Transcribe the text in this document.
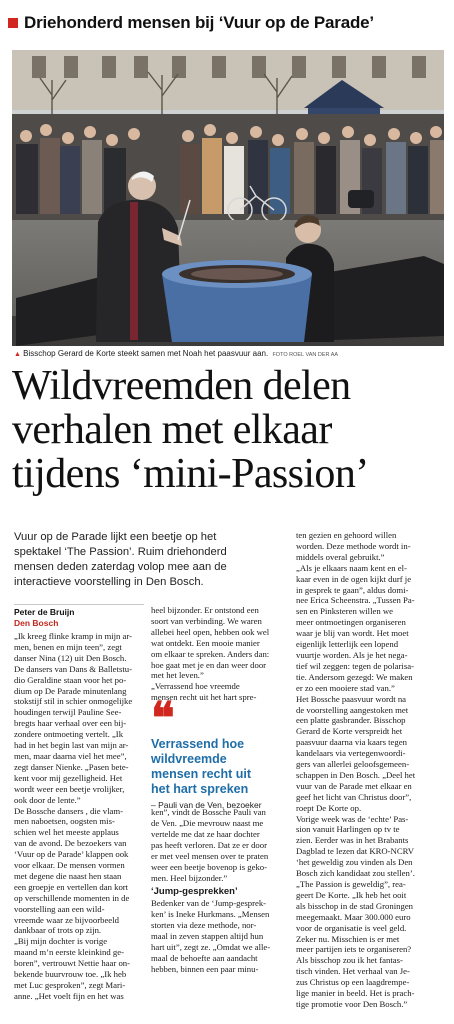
Driehonderd mensen bij ‘Vuur op de Parade’
▲ Bisschop Gerard de Korte steekt samen met Noah het paasvuur aan. FOTO ROEL VAN DER AA
Wildvreemden delen
verhalen met elkaar
tijdens ‘mini-Passion’
Vuur op de Parade lijkt een beetje op het
spektakel ‘The Passion’. Ruim driehonderd
mensen deden zaterdag volop mee aan de
interactieve voorstelling in Den Bosch.
Peter de Bruijn
Den Bosch
„Ik kreeg flinke kramp in mijn ar-
men, benen en mijn teen”, zegt
danser Nina (12) uit Den Bosch.
De dansers van Dans & Balletstu-
dio Geraldine staan voor het po-
dium op De Parade minutenlang
stokstijf stil in schier onmogelijke
houdingen terwijl Pauline See-
bregts haar verhaal over een bij-
zondere ontmoeting vertelt. „Ik
had in het begin last van mijn ar-
men, maar daarna viel het mee”,
zegt danser Nienke. „Pasen bete-
kent voor mij gezelligheid. Het
wordt weer een beetje vrolijker,
ook door de lente.”
De Bossche dansers , die vlam-
men naboetsen, oogsten mis-
schien wel het meeste applaus
van de avond. De bezoekers van
‘Vuur op de Parade’ klappen ook
voor elkaar. De mensen vormen
met degene die naast hen staan
een groepje en vertellen dan kort
op verschillende momenten in de
voorstelling aan een wild-
vreemde waar ze bijvoorbeeld
dankbaar of trots op zijn.
„Bij mijn dochter is vorige
maand m’n eerste kleinkind ge-
boren”, vertrouwt Nettie haar on-
bekende buurvrouw toe. „Ik heb
met Luc gesproken”, zegt Mari-
anne. „Het voelt fijn en het was
heel bijzonder. Er ontstond een
soort van verbinding. We waren
allebei heel open, hebben ook wel
wat ontdekt. Een mooie manier
om elkaar te spreken. Anders dan:
hoe gaat met je en dan weer door
met het leven.”
„Verrassend hoe vreemde
mensen recht uit het hart spre-
ken”, vindt de Bossche Pauli van
de Ven. „Die mevrouw naast me
vertelde me dat ze haar dochter
pas heeft verloren. Dat ze er door
er met veel mensen over te praten
weer een beetje bovenop is geko-
men. Heel bijzonder.”
‘Jump-gesprekken’
Bedenker van de ‘Jump-gesprek-
ken’ is Ineke Hurkmans. „Mensen
storten via deze methode, nor-
maal in zeven stappen altijd hun
hart uit”, zegt ze. „Omdat we alle-
maal de behoefte aan aandacht
hebben, binnen een paar minu-
❝
Verrassend hoe
wildvreemde
mensen recht uit
het hart spreken
– Pauli van de Ven, bezoeker
ten gezien en gehoord willen
worden. Deze methode wordt in-
middels overal gebruikt.”
„Als je elkaars naam kent en el-
kaar even in de ogen kijkt durf je
in gesprek te gaan”, aldus domi-
nee Erica Scheenstra. „Tussen Pa-
sen en Pinksteren willen we
meer ontmoetingen organiseren
waar je blij van wordt. Het moet
eigenlijk letterlijk een lopend
vuurtje worden. Als je het nega-
tief wil zeggen: tegen de polarisa-
tie. Andersom gezegd: We maken
er zo een mooiere stad van.”
Het Bossche paasvuur wordt na
de voorstelling aangestoken met
een platte gasbrander. Bisschop
Gerard de Korte verspreidt het
paasvuur daarna via kaars tegen
kandelaars via vertegenwoordi-
gers van allerlei geloofsgemeen-
schappen in Den Bosch. „Deel het
vuur van de Parade met elkaar en
geef het licht van Christus door”,
roept De Korte op.
Vorige week was de ‘echte’ Pas-
sion vanuit Harlingen op tv te
zien. Eerder was in het Brabants
Dagblad te lezen dat KRO-NCRV
‘het geweldig zou vinden als Den
Bosch zich kandidaat zou stellen’.
„The Passion is geweldig”, rea-
geert De Korte. „Ik heb het ooit
als bisschop in de stad Groningen
meegemaakt. Maar 300.000 euro
voor de organisatie is veel geld.
Zeker nu. Misschien is er met
meer partijen iets te organiseren?
Als bisschop zou ik het fantas-
tisch vinden. Het verhaal van Je-
zus Christus op een laagdrempe-
lige manier in beeld. Het is prach-
tige promotie voor Den Bosch.”
